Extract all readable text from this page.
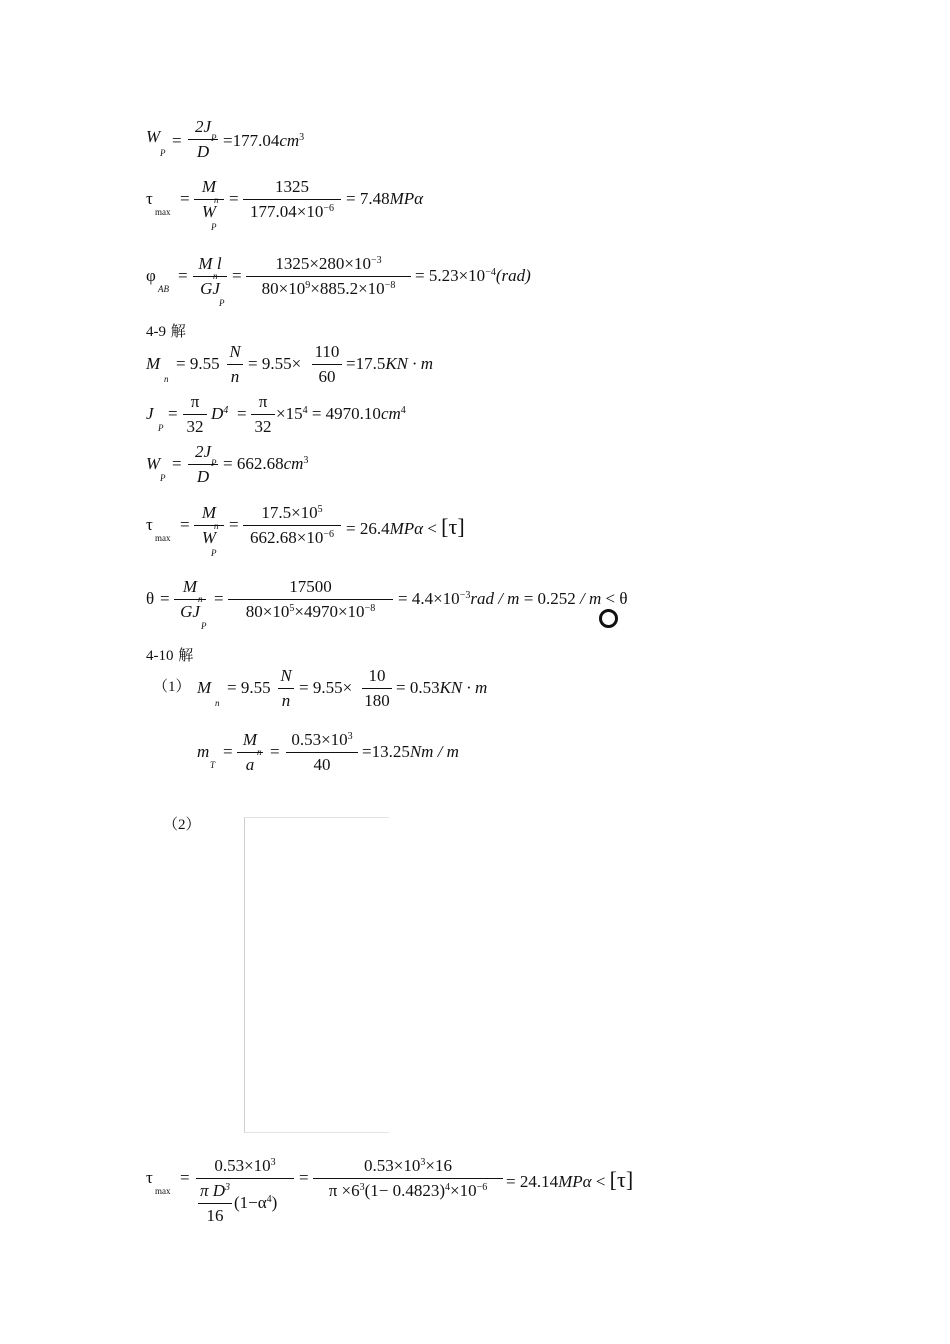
W
P
=
2J
D
$P =177.04cm^3$
τ
max
=
M
W
n
P
=
1325
$177.04\times 10^{-6}$
= 7.48MPα
φ
AB
=
M l
GJ
n
P
=
$1325\times 280\times 10^{-3}$
$80\times 10^9\times 885.2\times 10^{-8}$
= $5.23\times 10^{-4}(rad)$
4-9 解
M
n
= 9.55
N
n
= 9.55×
110
60
=17.5KN · m
J
P
=
π
32
$D^4$ =
π
32
$\times 15^4 = 4970.10cm^4$
W
P
=
2J
D
$P = 662.68cm^3$
τ
max
=
M
W
n
P
=
$17.5\times 10^5$
$662.68\times 10^{-6} = 26.4MP\alpha < [\tau]$
θ =
M
GJ
n
P
=
17500
$80\times 10^5\times 4970\times 10^{-8}$
= $4.4\times 10^{-3}rad / m = 0.252 / m < \theta$
4-10 解
（1） M
n
= 9.55
N
n
= 9.55×
10
180
= 0.53KN · m
m
T
=
M
a
n =
$0.53\times 10^3$
40
=13.25Nm / m
（2）
τ
max
=
$0.53\times 10^3$
π $D^3$
16
$(1-\alpha^4)$
=
$0.53\times 10^3\times 16$
$\pi \times 6^3(1- 0.4823)^4\times 10^{-6}$	= 24.14MPα < [τ]
